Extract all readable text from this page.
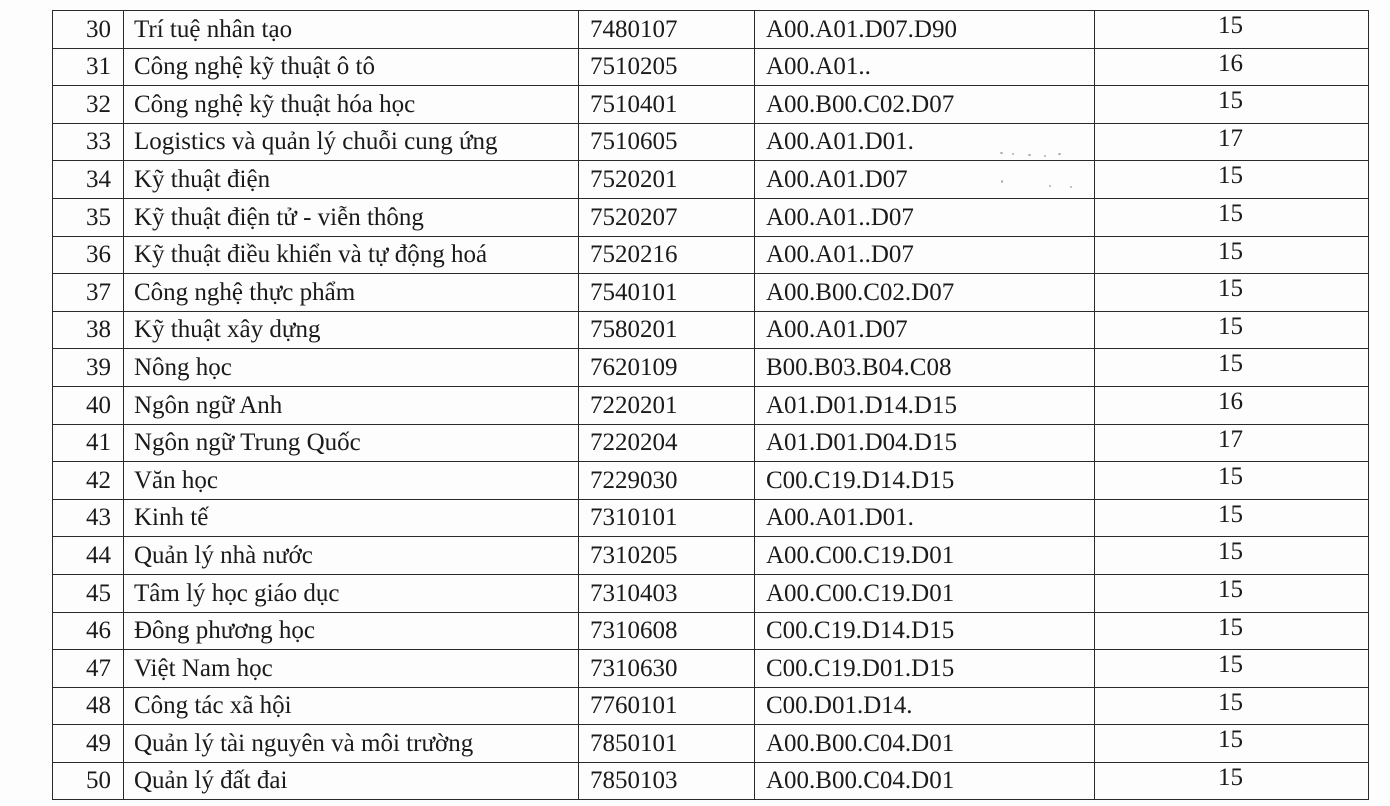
30	Trí tuệ nhân tạo	7480107	A00.A01.D07.D90	15
31	Công nghệ kỹ thuật ô tô	7510205	A00.A01..	16
32	Công nghệ kỹ thuật hóa học	7510401	A00.B00.C02.D07	15
33	Logistics và quản lý chuỗi cung ứng	7510605	A00.A01.D01.	17
34	Kỹ thuật điện	7520201	A00.A01.D07	15
35	Kỹ thuật điện tử - viễn thông	7520207	A00.A01..D07	15
36	Kỹ thuật điều khiển và tự động hoá	7520216	A00.A01..D07	15
37	Công nghệ thực phẩm	7540101	A00.B00.C02.D07	15
38	Kỹ thuật xây dựng	7580201	A00.A01.D07	15
39	Nông học	7620109	B00.B03.B04.C08	15
40	Ngôn ngữ Anh	7220201	A01.D01.D14.D15	16
41	Ngôn ngữ Trung Quốc	7220204	A01.D01.D04.D15	17
42	Văn học	7229030	C00.C19.D14.D15	15
43	Kinh tế	7310101	A00.A01.D01.	15
44	Quản lý nhà nước	7310205	A00.C00.C19.D01	15
45	Tâm lý học giáo dục	7310403	A00.C00.C19.D01	15
46	Đông phương học	7310608	C00.C19.D14.D15	15
47	Việt Nam học	7310630	C00.C19.D01.D15	15
48	Công tác xã hội	7760101	C00.D01.D14.	15
49	Quản lý tài nguyên và môi trường	7850101	A00.B00.C04.D01	15
50	Quản lý đất đai	7850103	A00.B00.C04.D01	15
